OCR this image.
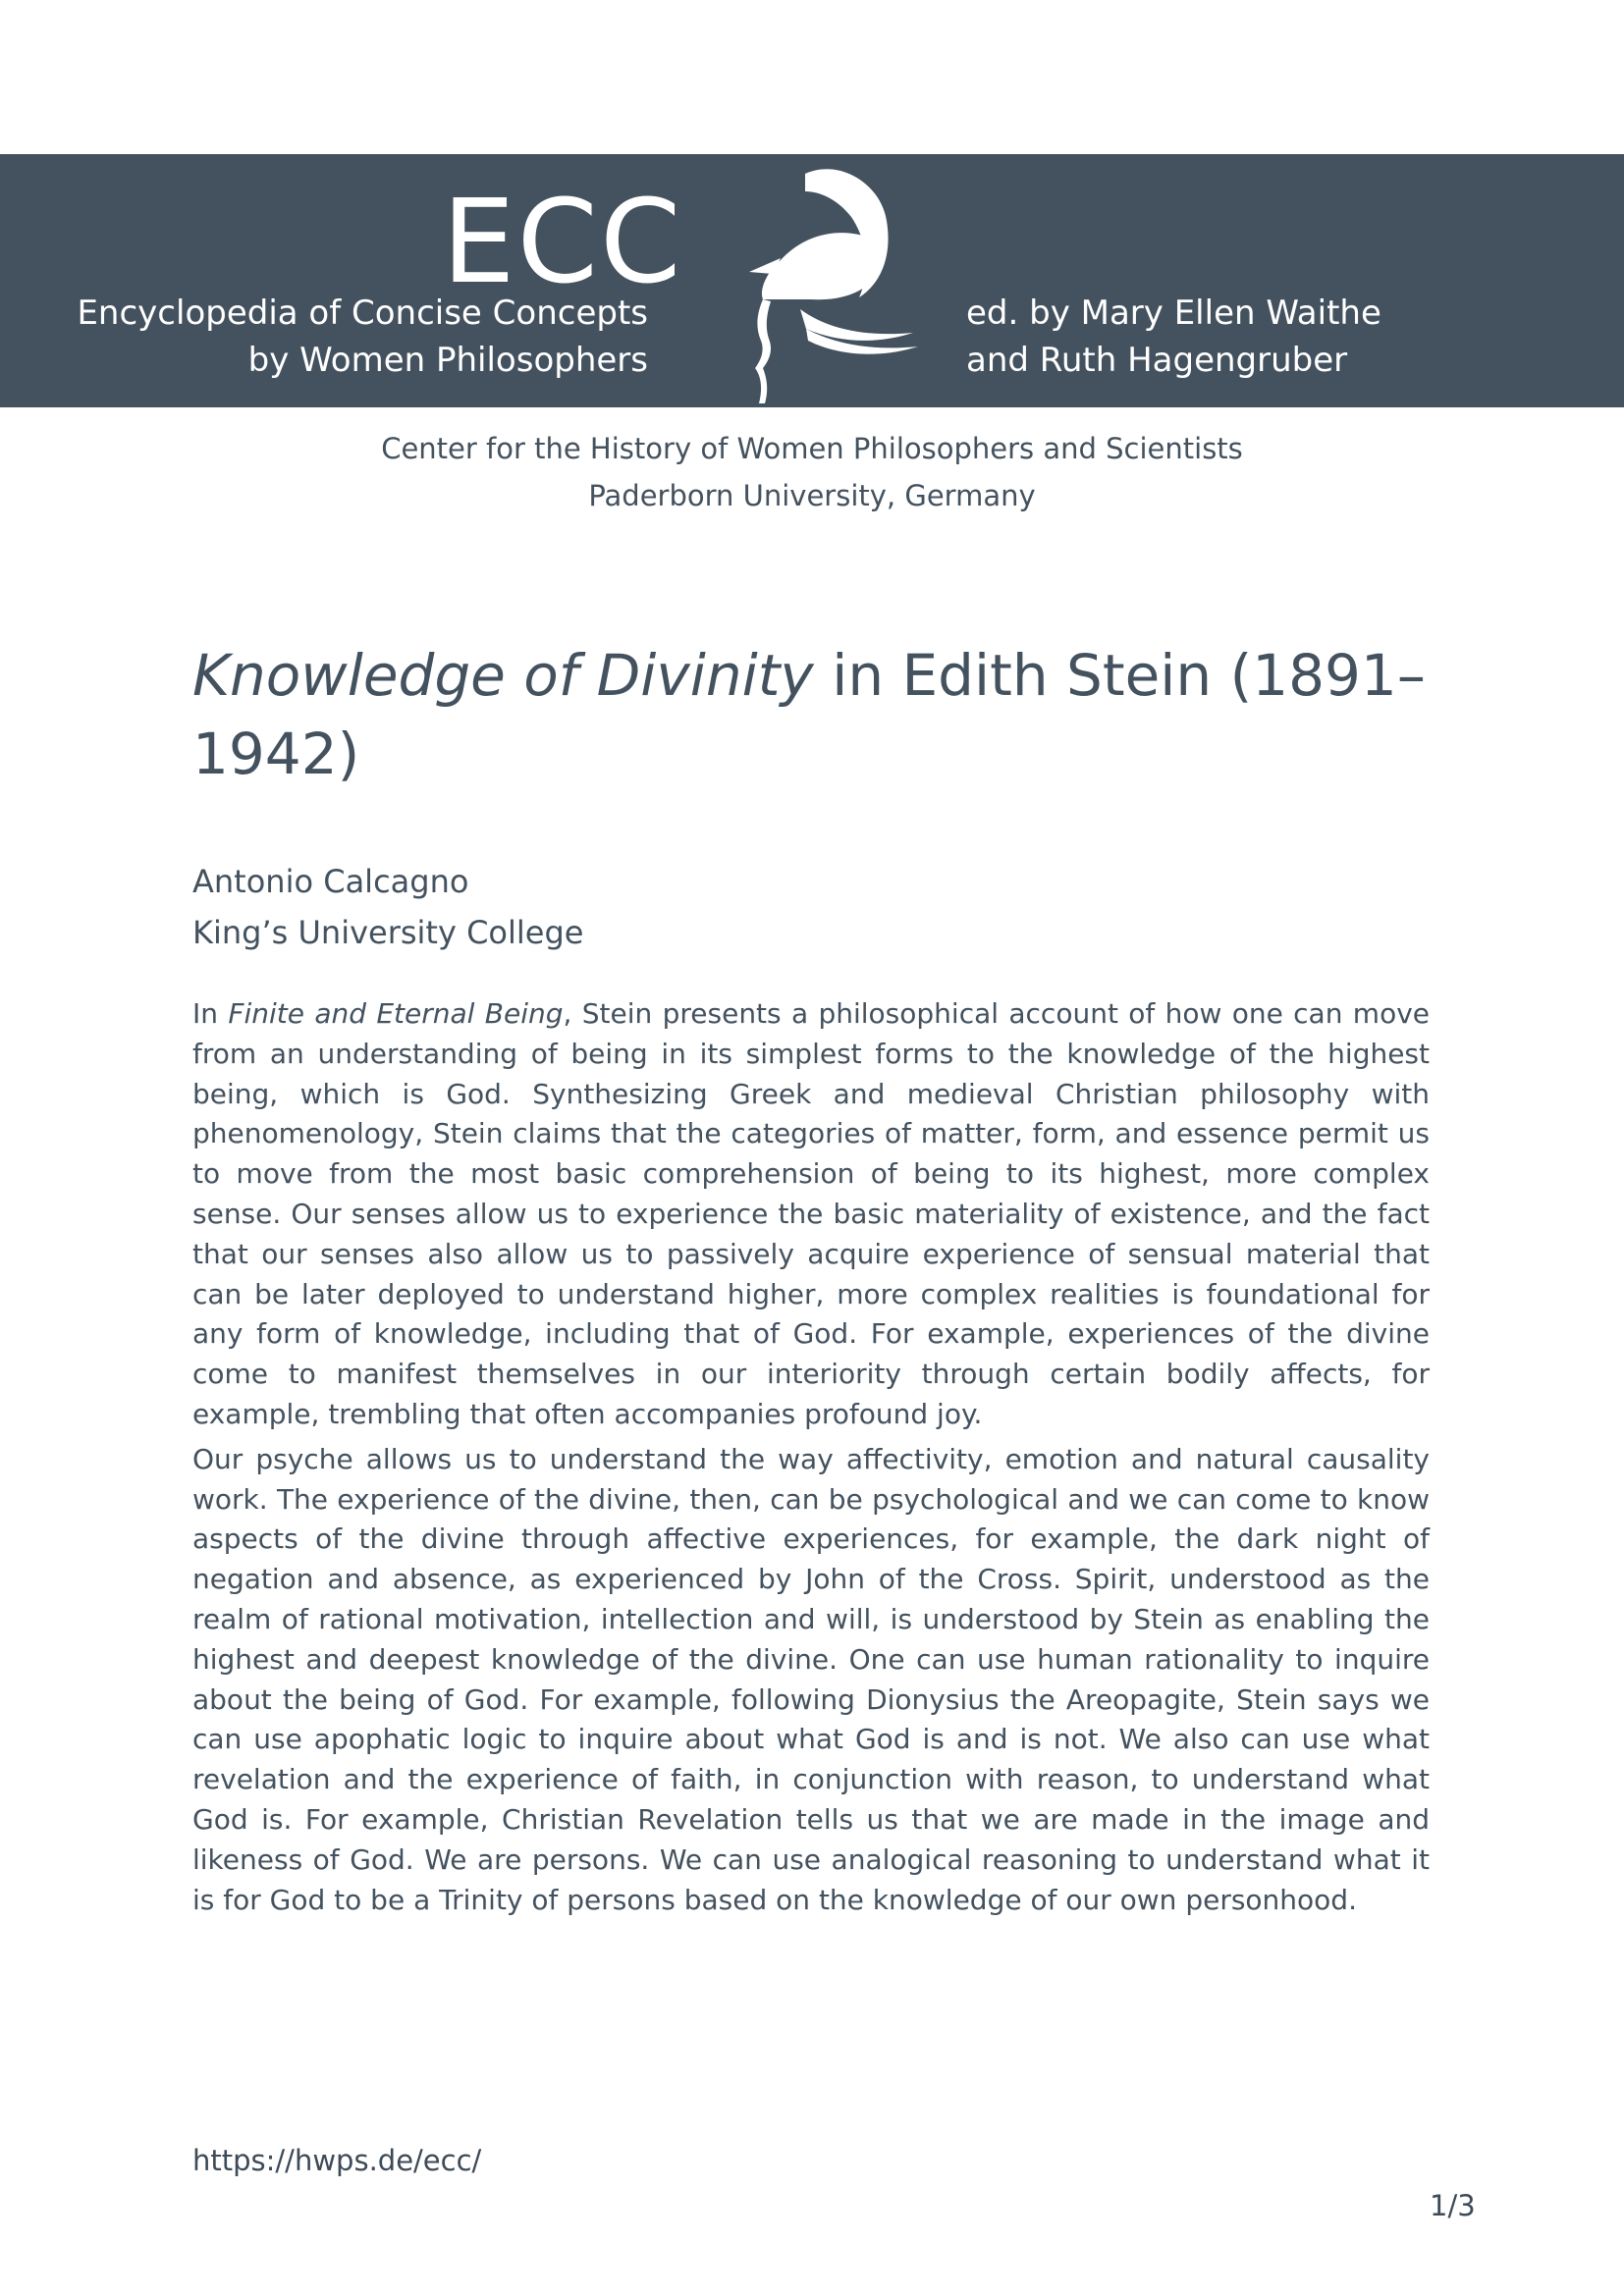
ECC
Encyclopedia of Concise Concepts
by Women Philosophers
ed. by Mary Ellen Waithe
and Ruth Hagengruber
Center for the History of Women Philosophers and Scientists
Paderborn University, Germany
Knowledge of Divinity in Edith Stein (1891–1942)
Antonio Calcagno
King’s University College

In Finite and Eternal Being, Stein presents a philosophical account of how one can move from an understanding of being in its simplest forms to the knowledge of the highest being, which is God. Synthesizing Greek and medieval Christian philosophy with phenomenology, Stein claims that the categories of matter, form, and essence permit us to move from the most basic comprehension of being to its highest, more complex sense. Our senses allow us to experience the basic materiality of existence, and the fact that our senses also allow us to passively acquire experience of sensual material that can be later deployed to understand higher, more complex realities is foundational for any form of knowledge, including that of God. For example, experiences of the divine come to manifest themselves in our interiority through certain bodily affects, for example, trembling that often accompanies profound joy.

Our psyche allows us to understand the way affectivity, emotion and natural causality work. The experience of the divine, then, can be psychological and we can come to know aspects of the divine through affective experiences, for example, the dark night of negation and absence, as experienced by John of the Cross. Spirit, understood as the realm of rational motivation, intellection and will, is understood by Stein as enabling the highest and deepest knowledge of the divine. One can use human rationality to inquire about the being of God. For example, following Dionysius the Areopagite, Stein says we can use apophatic logic to inquire about what God is and is not. We also can use what revelation and the experience of faith, in conjunction with reason, to understand what God is. For example, Christian Revelation tells us that we are made in the image and likeness of God. We are persons. We can use analogical reasoning to understand what it is for God to be a Trinity of persons based on the knowledge of our own personhood.

https://hwps.de/ecc/
1/3
